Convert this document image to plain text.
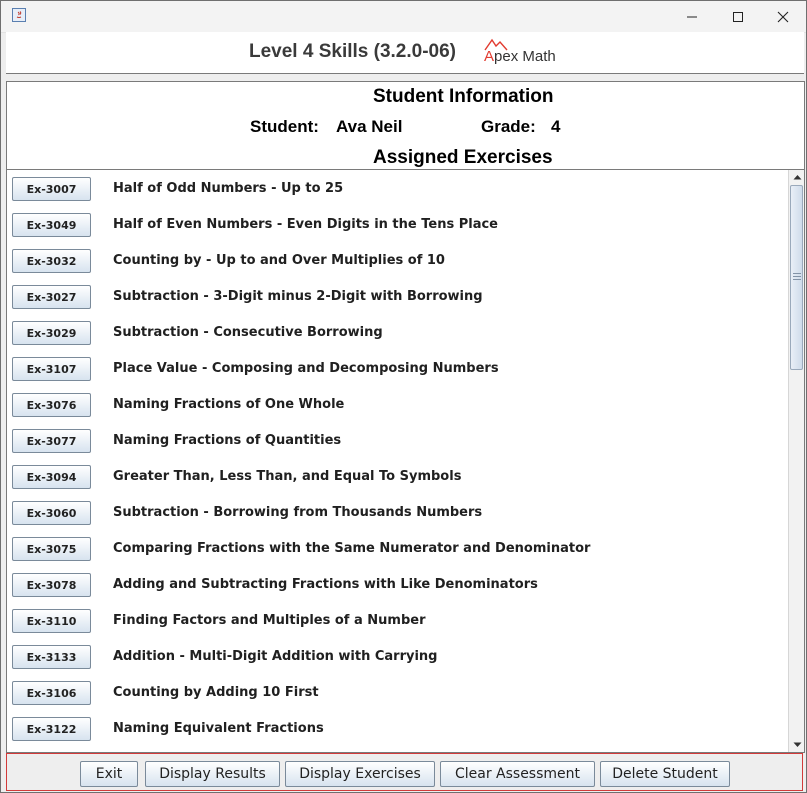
Level 4 Skills (3.2.0-06) Apex Math
Student Information
Student: Ava Neil	Grade: 4
Assigned Exercises
Ex-3007	Half of Odd Numbers - Up to 25
Ex-3049	Half of Even Numbers - Even Digits in the Tens Place
Ex-3032	Counting by - Up to and Over Multiplies of 10
Ex-3027	Subtraction - 3-Digit minus 2-Digit with Borrowing
Ex-3029	Subtraction - Consecutive Borrowing
Ex-3107	Place Value - Composing and Decomposing Numbers
Ex-3076	Naming Fractions of One Whole
Ex-3077	Naming Fractions of Quantities
Ex-3094	Greater Than, Less Than, and Equal To Symbols
Ex-3060	Subtraction - Borrowing from Thousands Numbers
Ex-3075	Comparing Fractions with the Same Numerator and Denominator
Ex-3078	Adding and Subtracting Fractions with Like Denominators
Ex-3110	Finding Factors and Multiples of a Number
Ex-3133	Addition - Multi-Digit Addition with Carrying
Ex-3106	Counting by Adding 10 First
Ex-3122	Naming Equivalent Fractions
Exit	Display Results	Display Exercises	Clear Assessment	Delete Student
